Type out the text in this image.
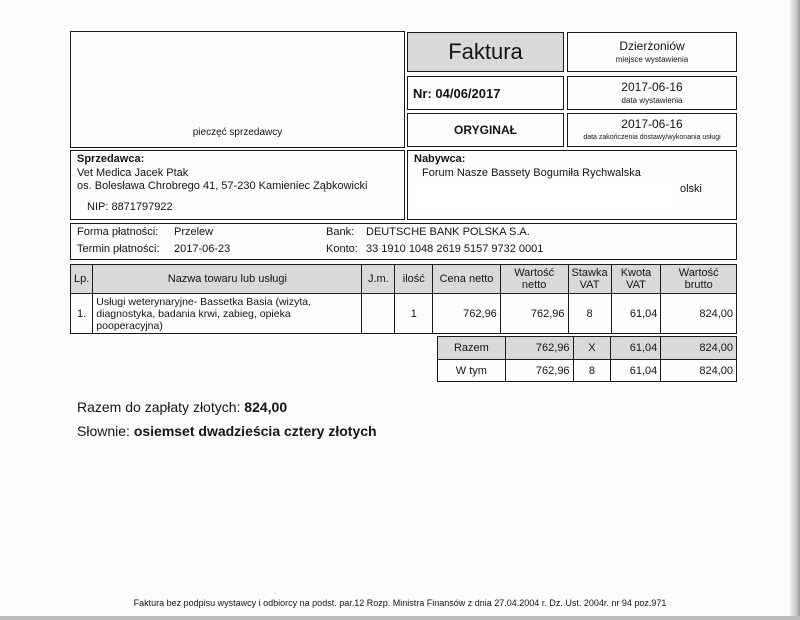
pieczęć sprzedawcy
Faktura
Nr: 04/06/2017
ORYGINAŁ
Dzierżoniów
miejsce wystawienia
2017-06-16
data wystawienia
2017-06-16
data zakończenia dostawy/wykonania usługi
Sprzedawca:
Vet Medica Jacek Ptak
os. Bolesława Chrobrego 41, 57-230 Kamieniec Ząbkowicki
NIP: 8871797922
Nabywca:
Forum Nasze Bassety Bogumiła Rychwalska
olski
Forma płatności: Przelew
Termin płatności: 2017-06-23
Bank: DEUTSCHE BANK POLSKA S.A.
Konto: 33 1910 1048 2619 5157 9732 0001
Lp.	Nazwa towaru lub usługi	J.m.	ilość	Cena netto	Wartość netto	Stawka VAT	Kwota VAT	Wartość brutto
1.	Usługi weterynaryjne- Bassetka Basia (wizyta, diagnostyka, badania krwi, zabieg, opieka pooperacyjna)		1	762,96	762,96	8	61,04	824,00
Razem	762,96	X	61,04	824,00
W tym	762,96	8	61,04	824,00
Razem do zapłaty złotych: 824,00
Słownie: osiemset dwadzieścia cztery złotych
Faktura bez podpisu wystawcy i odbiorcy na podst. par.12 Rozp. Ministra Finansów z dnia 27.04.2004 r. Dz. Ust. 2004r. nr 94 poz.971
